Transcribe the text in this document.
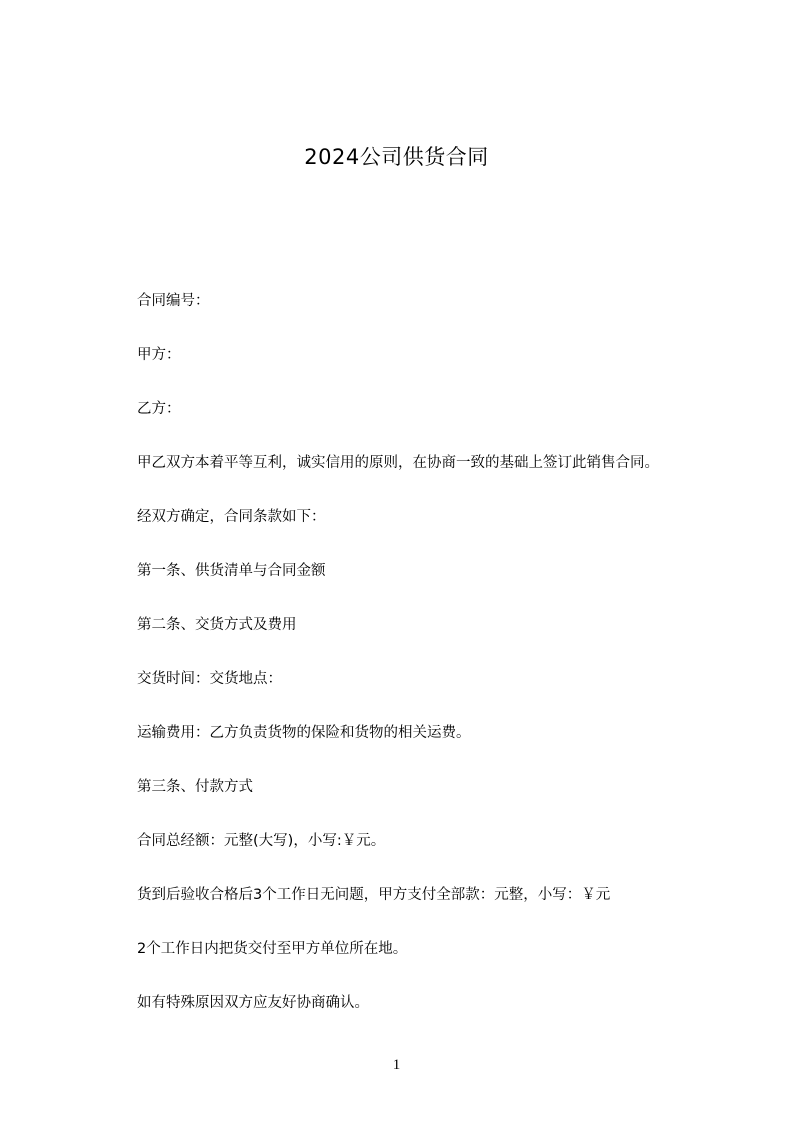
2024公司供货合同

合同编号：

甲方：

乙方：

甲乙双方本着平等互利，诚实信用的原则，在协商一致的基础上签订此销售合同。

经双方确定，合同条款如下：

第一条、供货清单与合同金额

第二条、交货方式及费用

交货时间：交货地点：

运输费用：乙方负责货物的保险和货物的相关运费。

第三条、付款方式

合同总经额：元整(大写)，小写:￥元。

货到后验收合格后3个工作日无问题，甲方支付全部款：元整，小写：￥元

2个工作日内把货交付至甲方单位所在地。

如有特殊原因双方应友好协商确认。

1
